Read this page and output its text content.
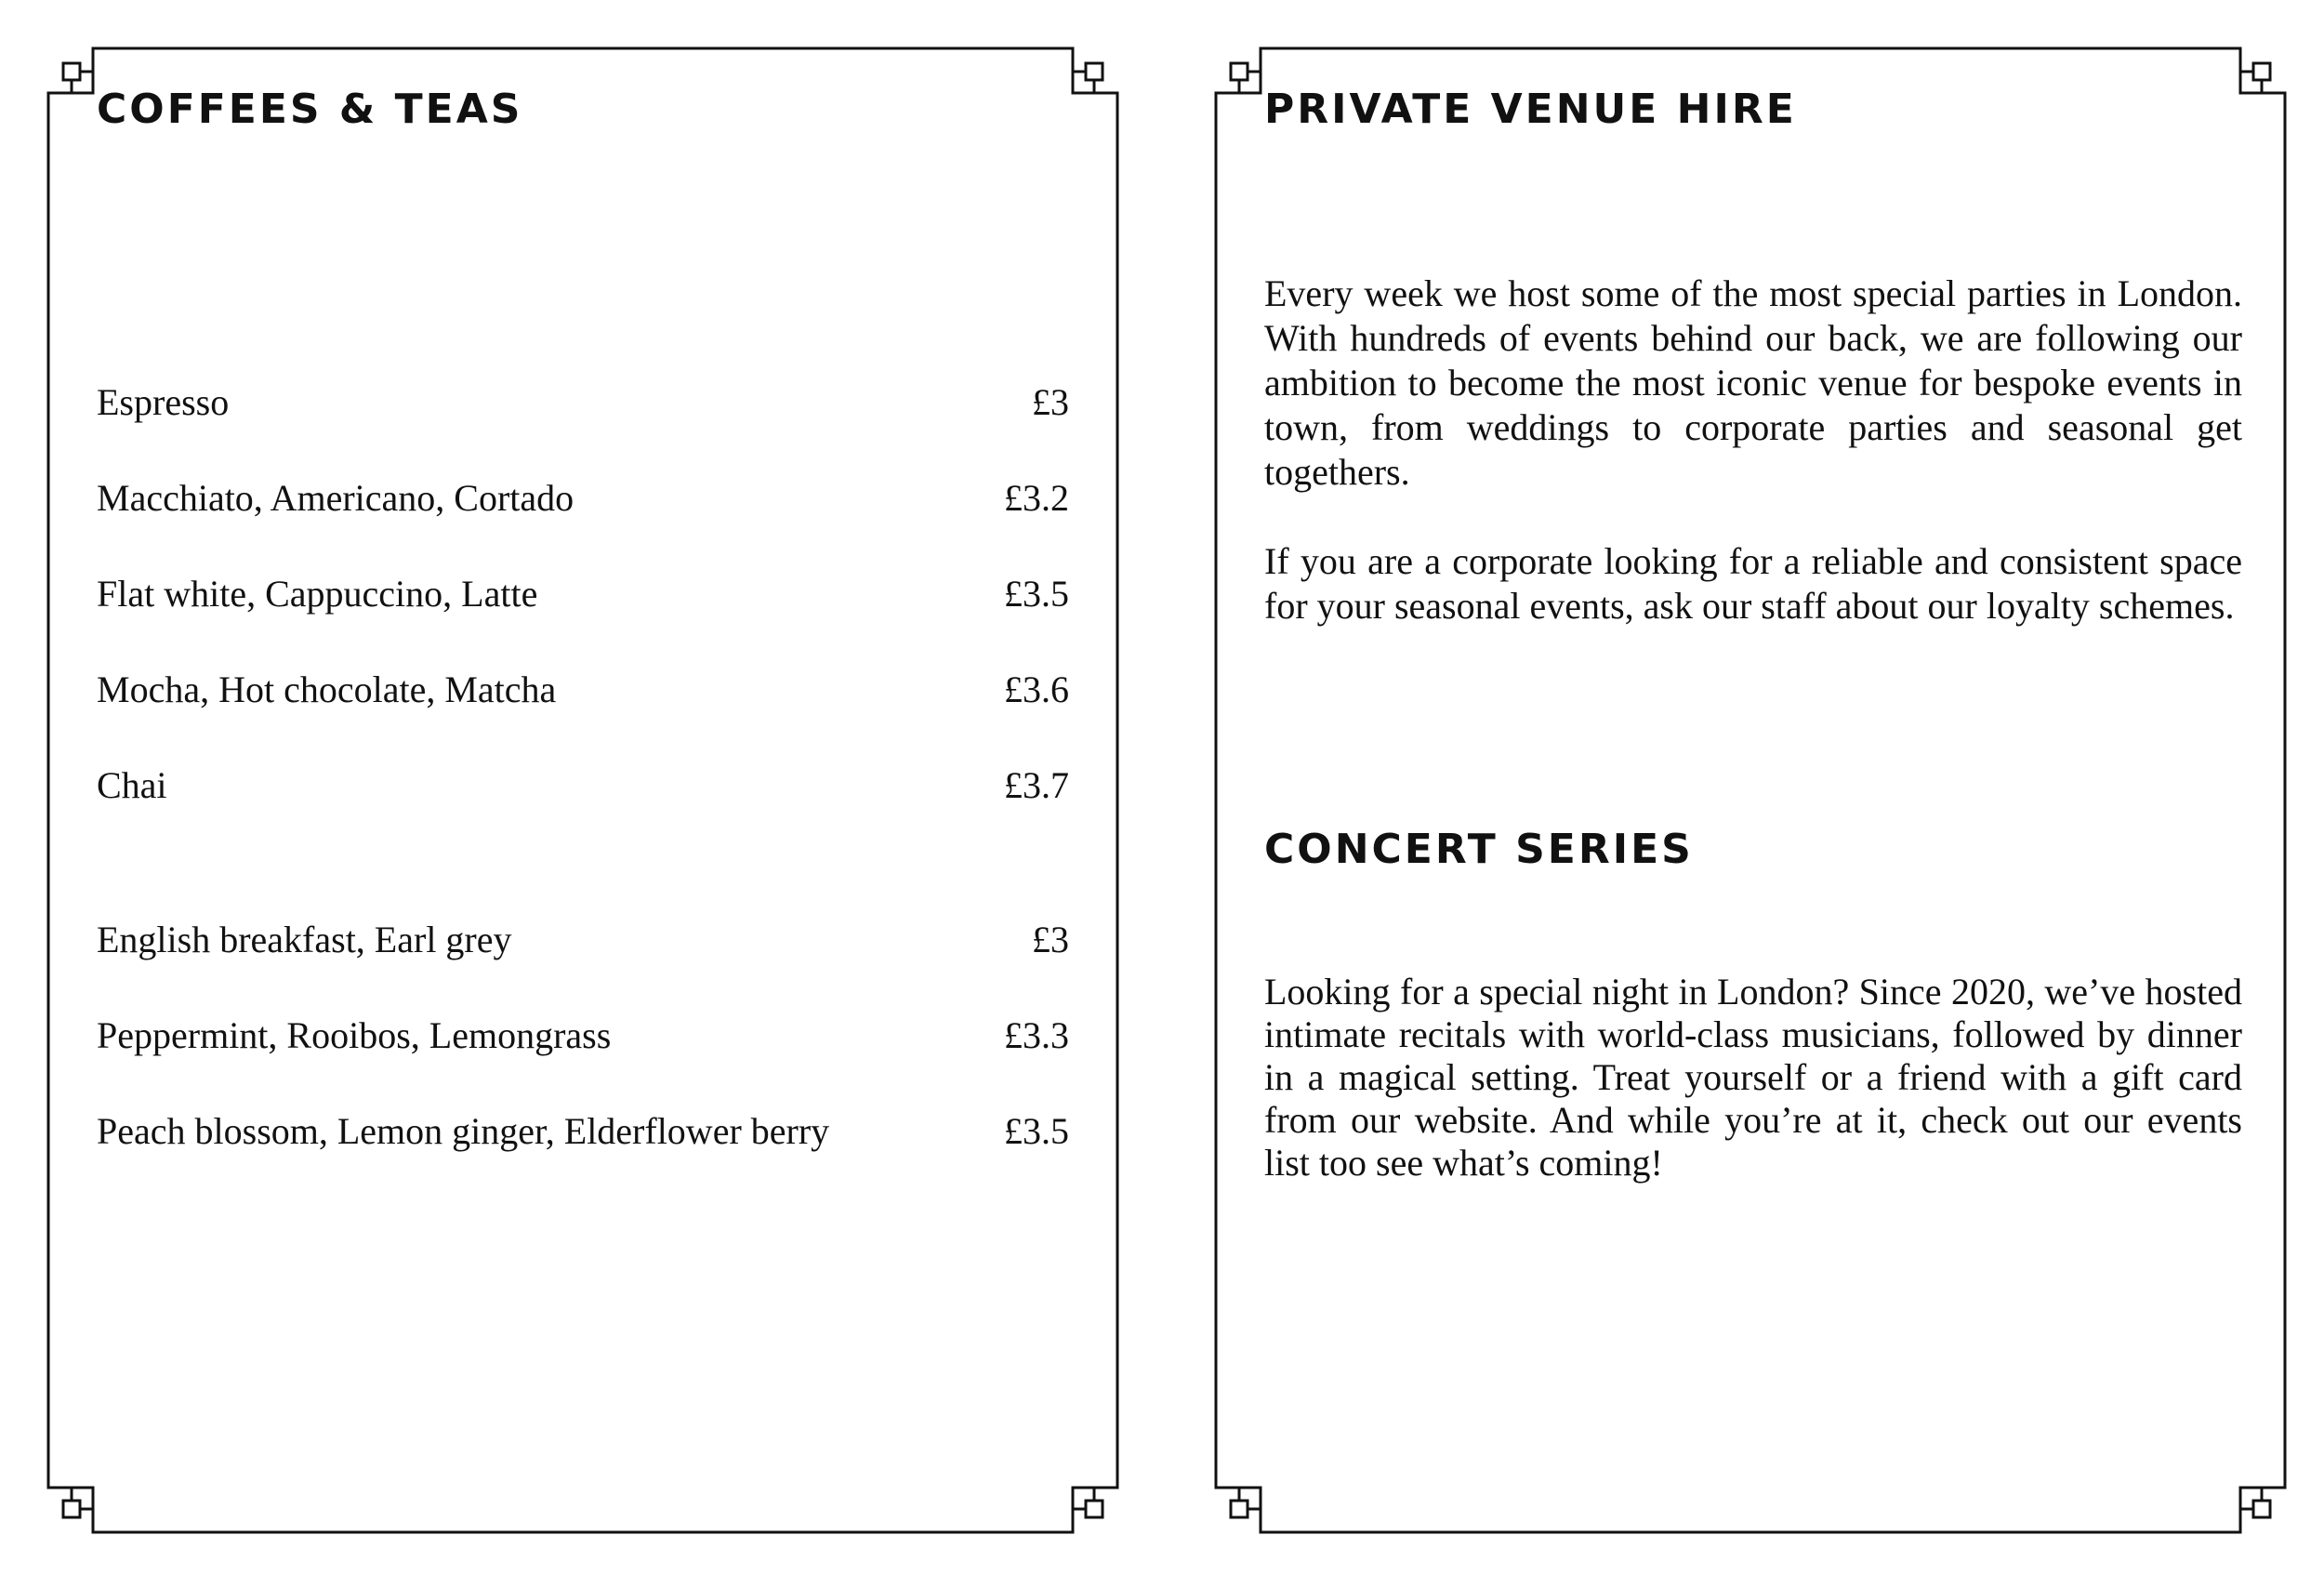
COFFEES & TEAS
Espresso	£3
Macchiato, Americano, Cortado	£3.2
Flat white, Cappuccino, Latte	£3.5
Mocha, Hot chocolate, Matcha	£3.6
Chai	£3.7
English breakfast, Earl grey	£3
Peppermint, Rooibos, Lemongrass	£3.3
Peach blossom, Lemon ginger, Elderflower berry	£3.5
PRIVATE VENUE HIRE

Every week we host some of the most special parties in London. With hundreds of events behind our back, we are following our ambition to become the most iconic venue for bespoke events in town, from weddings to corporate parties and seasonal get togethers.

If you are a corporate looking for a reliable and consistent space for your seasonal events, ask our staff about our loyalty schemes.

CONCERT SERIES

Looking for a special night in London? Since 2020, we’ve hosted intimate recitals with world-class musicians, followed by dinner in a magical setting. Treat yourself or a friend with a gift card from our website. And while you’re at it, check out our events list too see what’s coming!
